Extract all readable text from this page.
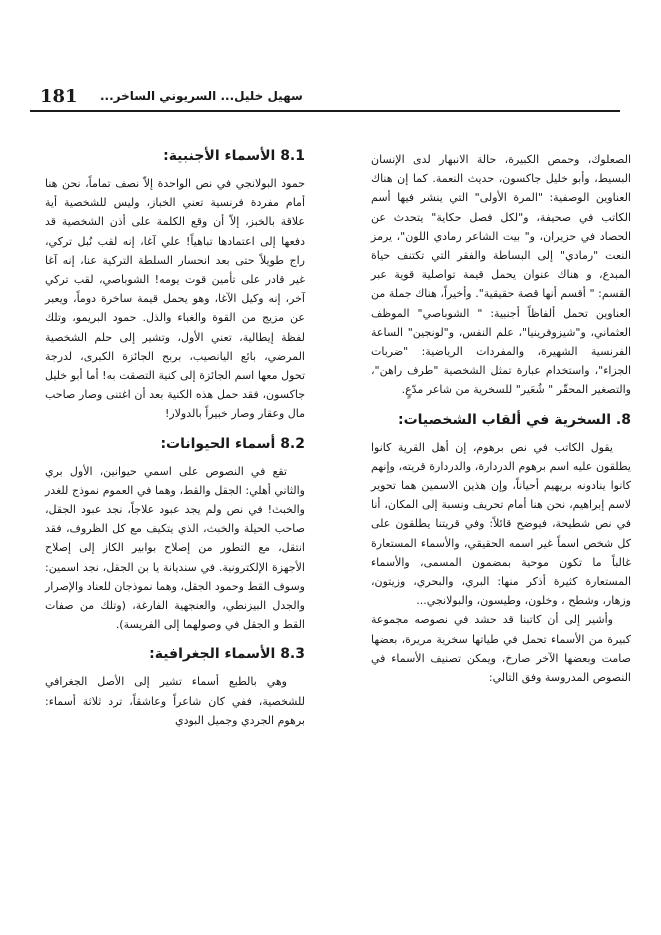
181 سهيل خليل... السريوني الساخر...

الصعلوك، وحمص الكبيرة، حالة الانبهار لدى الإنسان البسيط، وأبو خليل جاكسون، حديث النعمة. كما إن هناك العناوين الوصفية: "المرة الأولى" التي ينشر فيها أسم الكاتب في صحيفة، و"لكل فصل حكاية" يتحدث عن الحصاد في حزيران، و" بيت الشاعر رمادي اللون"، يرمز النعت "رمادي" إلى البساطة والفقر التي تكتنف حياة المبدع، و هناك عنوان يحمل قيمة تواصلية قوية عبر القسم: " أقسم أنها قصة حقيقية". وأخيراً، هناك جملة من العناوين تحمل ألفاظاً أجنبية: " الشوباصي" الموظف العثماني، و"شيزوفرينيا"، علم النفس، و"لونجين" الساعة الفرنسية الشهيرة، والمفردات الرياضية: "ضربات الجزاء"، واستخدام عبارة تمثل الشخصية "طرف راهن"، والتصغير المحقّر " شُعَير" للسخرية من شاعر مدّعٍ.

8. السخرية في ألقاب الشخصيات:

يقول الكاتب في نص برهوم، إن أهل القرية كانوا يطلقون عليه اسم برهوم الدردارة، والدردارة قريته، وإنهم كانوا ينادونه بريهيم أحياناً، وإن هذين الاسمين هما تحوير لاسم إبراهيم، نحن هنا أمام تحريف ونسبة إلى المكان، أنا في نص شطيحة، فيوضح قائلاً: وفي قريتنا يطلقون على كل شخص اسماً غير اسمه الحقيقي، والأسماء المستعارة غالباً ما تكون موحية بمضمون المسمى، والأسماء المستعارة كثيرة أذكر منها: البري، والبحري، وزيتون، وزهار، وشطح ، وخلون، وطيسون، والبولانجي...

وأشير إلى أن كاتبنا قد حشد في نصوصه مجموعة كبيرة من الأسماء تحمل في طياتها سخرية مريرة، بعضها صامت وبعضها الآخر صارخ، ويمكن تصنيف الأسماء في النصوص المدروسة وفق التالي:

8.1 الأسماء الأجنبية:

حمود البولانجي في نص الواحدة إلاّ نصف تماماً، نحن هنا أمام مفردة فرنسية تعني الخباز، وليس للشخصية أية علاقة بالخبز، إلاّ أن وقع الكلمة على أذن الشخصية قد دفعها إلى اعتمادها تباهياً! علي آغا، إنه لقب نُبل تركي، راج طويلاً حتى بعد انحسار السلطة التركية عنا، إنه آغا غير قادر على تأمين قوت يومه! الشوباصي، لقب تركي آخر، إنه وكيل الآغا، وهو يحمل قيمة ساخرة دوماً، ويعبر عن مزيج من القوة والغباء والذل. حمود البريمو، وتلك لفظة إيطالية، تعني الأول، وتشير إلى حلم الشخصية المرضي، بائع اليانصيب، بربح الجائزة الكبرى، لدرجة تحول معها اسم الجائزة إلى كنية التصقت به! أما أبو خليل جاكسون، فقد حمل هذه الكنية بعد أن اغتنى وصار صاحب مال وعقار وصار خبيراً بالدولار!

8.2 أسماء الحيوانات:

تقع في النصوص على اسمي حيوانين، الأول بري والثاني أهلي: الجقل والقط، وهما في العموم نموذج للغدر والخبث! في نص ولم يجد عبود علاجاً، نجد عبود الجقل، صاحب الحيلة والخبث، الذي يتكيف مع كل الظروف، فقد انتقل، مع التطور من إصلاح بوابير الكاز إلى إصلاح الأجهزة الإلكترونية. في سنديانة يا بن الجقل، نجد اسمين: وسوف القط وحمود الجقل، وهما نموذجان للعناد والإصرار والجدل البيزنطي، والعنجهية الفارغة، (وتلك من صفات القط و الجقل في وصولهما إلى الفريسة).

8.3 الأسماء الجغرافية:

وهي بالطبع أسماء تشير إلى الأصل الجغرافي للشخصية، ففي كان شاعراً وعاشقاً، ترد ثلاثة أسماء: برهوم الجردي وجميل البودي
